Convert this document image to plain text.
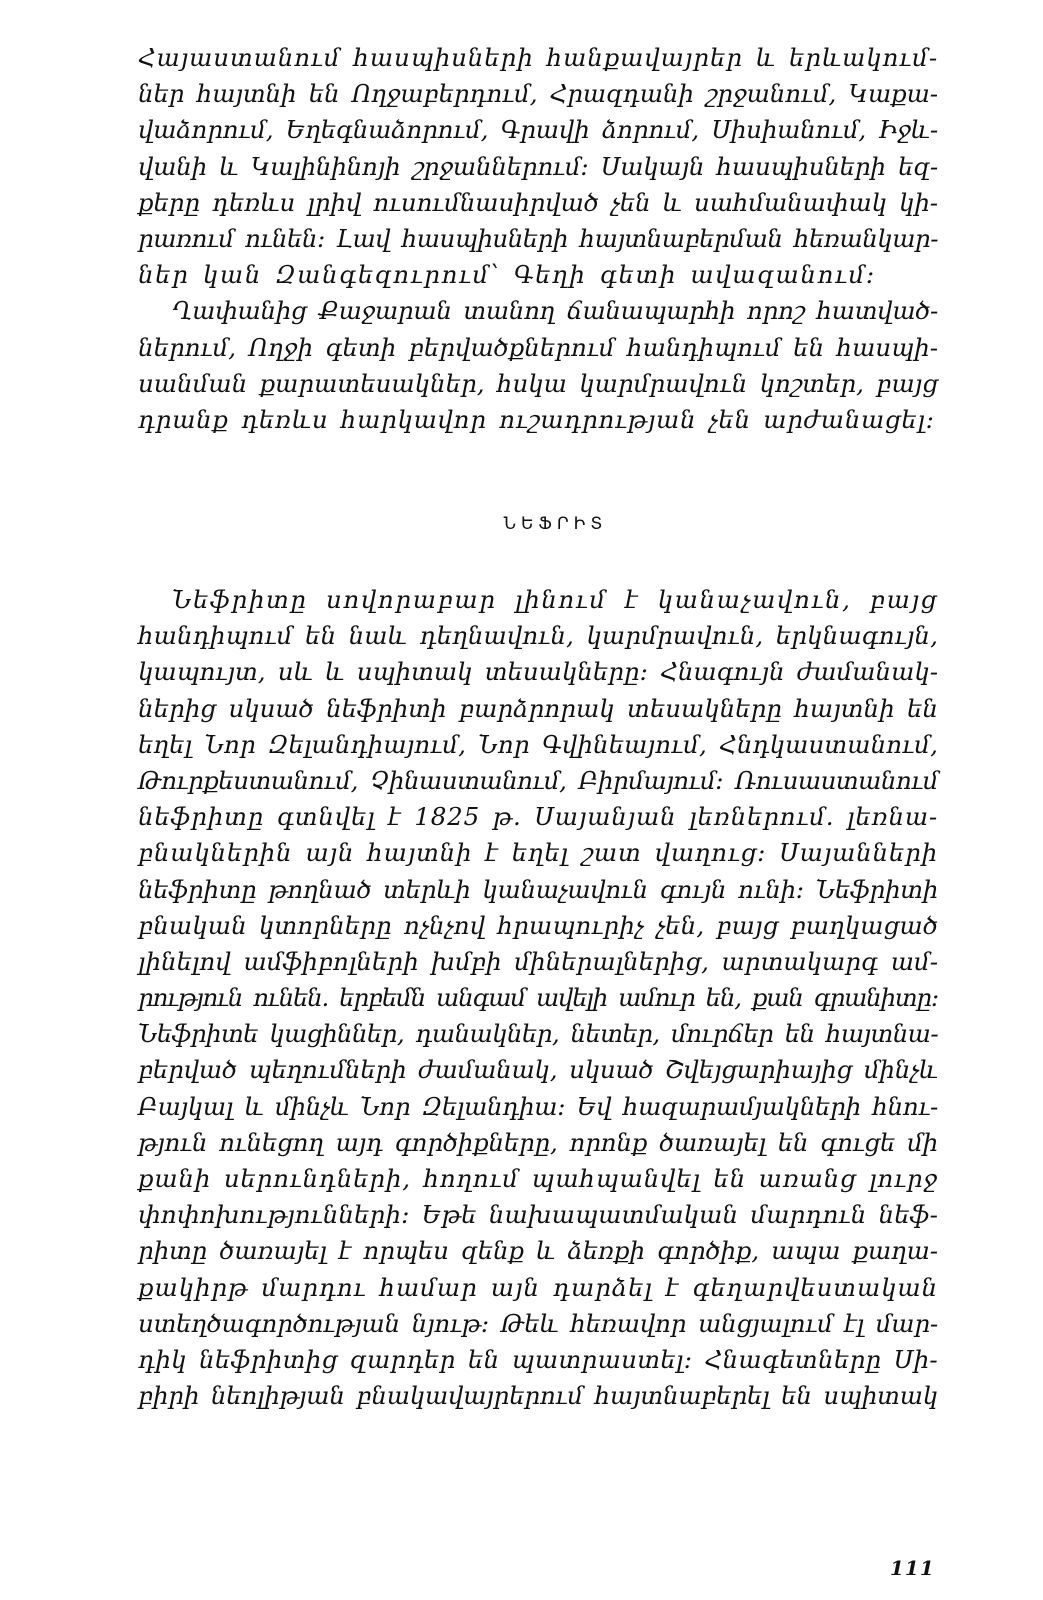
Հայաստանում հասպիսների հանքավայրեր և երևակում-
ներ հայտնի են Ողջաբերդում, Հրազդանի շրջանում, Կաքա-
վաձորում, Եղեգնաձորում, Գրավի ձորում, Սիսիանում, Իջև-
վանի և Կալինինոյի շրջաններում։ Սակայն հասպիսների եզ-
քերը դեռևս լրիվ ուսումնասիրված չեն և սահմանափակ կի-
րառում ունեն։ Լավ հասպիսների հայտնաբերման հեռանկար-
ներ կան Զանգեզուրում՝ Գեղի գետի ավազանում։
Ղափանից Քաջարան տանող ճանապարհի որոշ հատված-
ներում, Ողջի գետի բերվածքներում հանդիպում են հասպի-
սանման քարատեսակներ, հսկա կարմրավուն կոշտեր, բայց
դրանք դեռևս հարկավոր ուշադրության չեն արժանացել։
ՆԵՖՐԻՏ
Նեֆրիտը սովորաբար լինում է կանաչավուն, բայց
հանդիպում են նաև դեղնավուն, կարմրավուն, երկնագույն,
կապույտ, սև և սպիտակ տեսակները։ Հնագույն ժամանակ-
ներից սկսած նեֆրիտի բարձրորակ տեսակները հայտնի են
եղել Նոր Զելանդիայում, Նոր Գվինեայում, Հնդկաստանում,
Թուրքեստանում, Չինաստանում, Բիրմայում։ Ռուսաստանում
նեֆրիտը գտնվել է 1825 թ. Սայանյան լեռներում. լեռնա-
բնակներին այն հայտնի է եղել շատ վաղուց։ Սայանների
նեֆրիտը թողնած տերևի կանաչավուն գույն ունի։ Նեֆրիտի
բնական կտորները ոչնչով հրապուրիչ չեն, բայց բաղկացած
լինելով ամֆիբոլների խմբի միներալներից, արտակարգ ամ-
րություն ունեն. երբեմն անգամ ավելի ամուր են, քան գրանիտը։
Նեֆրիտե կացիններ, դանակներ, նետեր, մուրճեր են հայտնա-
բերված պեղումների ժամանակ, սկսած Շվեյցարիայից մինչև
Բայկալ և մինչև Նոր Զելանդիա։ Եվ հազարամյակների հնու-
թյուն ունեցող այդ գործիքները, որոնք ծառայել են գուցե մի
քանի սերունդների, հողում պահպանվել են առանց լուրջ
փոփոխությունների։ Եթե նախապատմական մարդուն նեֆ-
րիտը ծառայել է որպես զենք և ձեռքի գործիք, ապա քաղա-
քակիրթ մարդու համար այն դարձել է գեղարվեստական
ստեղծագործության նյութ։ Թեև հեռավոր անցյալում էլ մար-
դիկ նեֆրիտից զարդեր են պատրաստել։ Հնագետները Սի-
բիրի նեոլիթյան բնակավայրերում հայտնաբերել են սպիտակ
111
